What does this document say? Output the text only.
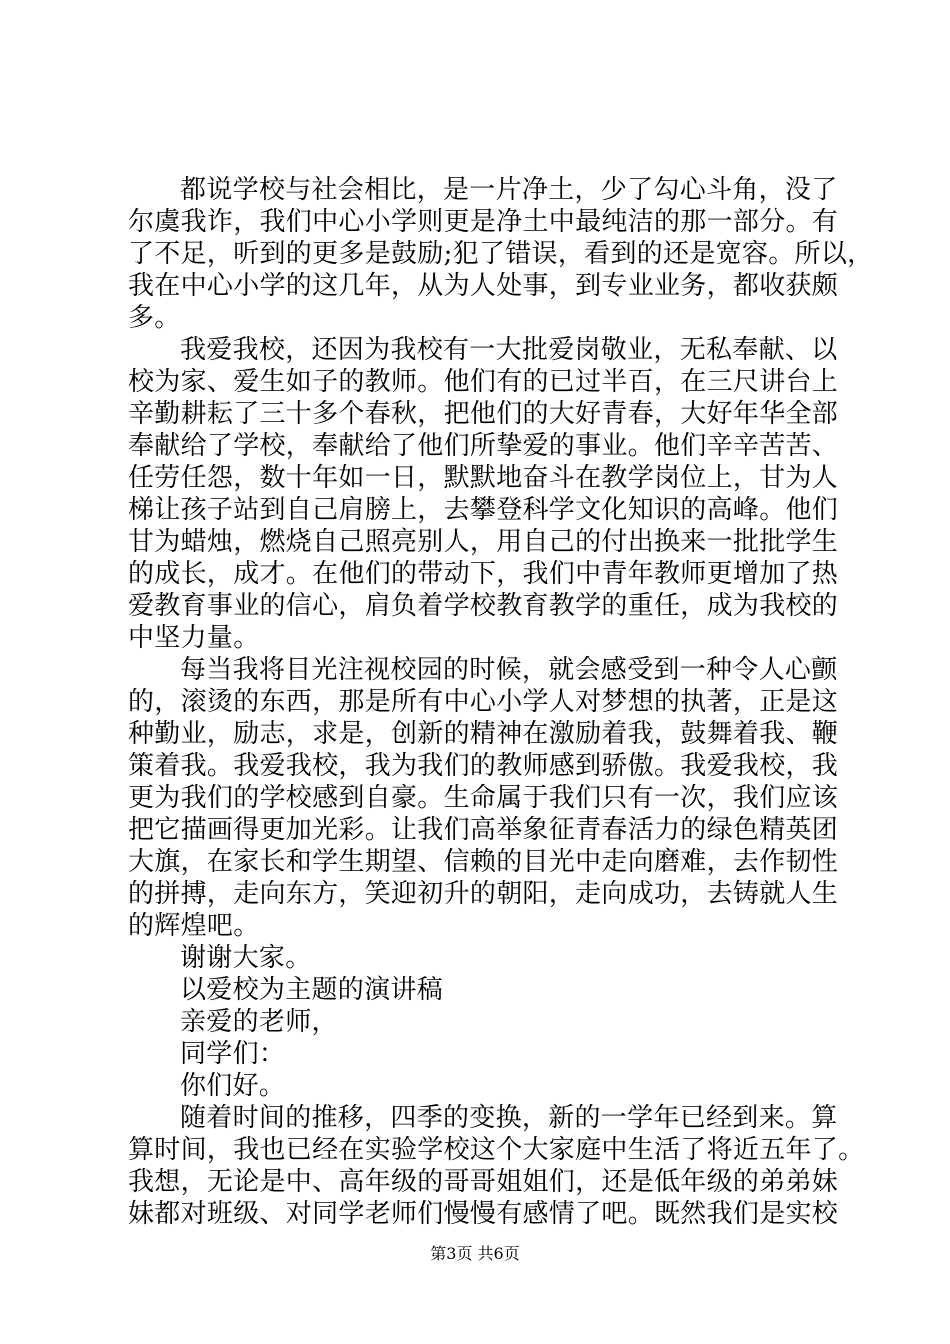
都说学校与社会相比，是一片净土，少了勾心斗角，没了
尔虞我诈，我们中心小学则更是净土中最纯洁的那一部分。有
了不足，听到的更多是鼓励;犯了错误，看到的还是宽容。所以，
我在中心小学的这几年，从为人处事，到专业业务，都收获颇
多。
我爱我校，还因为我校有一大批爱岗敬业，无私奉献、以
校为家、爱生如子的教师。他们有的已过半百，在三尺讲台上
辛勤耕耘了三十多个春秋，把他们的大好青春，大好年华全部
奉献给了学校，奉献给了他们所挚爱的事业。他们辛辛苦苦、
任劳任怨，数十年如一日，默默地奋斗在教学岗位上，甘为人
梯让孩子站到自己肩膀上，去攀登科学文化知识的高峰。他们
甘为蜡烛，燃烧自己照亮别人，用自己的付出换来一批批学生
的成长，成才。在他们的带动下，我们中青年教师更增加了热
爱教育事业的信心，肩负着学校教育教学的重任，成为我校的
中坚力量。
每当我将目光注视校园的时候，就会感受到一种令人心颤
的，滚烫的东西，那是所有中心小学人对梦想的执著，正是这
种勤业，励志，求是，创新的精神在激励着我，鼓舞着我、鞭
策着我。我爱我校，我为我们的教师感到骄傲。我爱我校，我
更为我们的学校感到自豪。生命属于我们只有一次，我们应该
把它描画得更加光彩。让我们高举象征青春活力的绿色精英团
大旗，在家长和学生期望、信赖的目光中走向磨难，去作韧性
的拼搏，走向东方，笑迎初升的朝阳，走向成功，去铸就人生
的辉煌吧。
谢谢大家。
以爱校为主题的演讲稿
亲爱的老师，
同学们：
你们好。
随着时间的推移，四季的变换，新的一学年已经到来。算
算时间，我也已经在实验学校这个大家庭中生活了将近五年了。
我想，无论是中、高年级的哥哥姐姐们，还是低年级的弟弟妹
妹都对班级、对同学老师们慢慢有感情了吧。既然我们是实校
第3页 共6页
